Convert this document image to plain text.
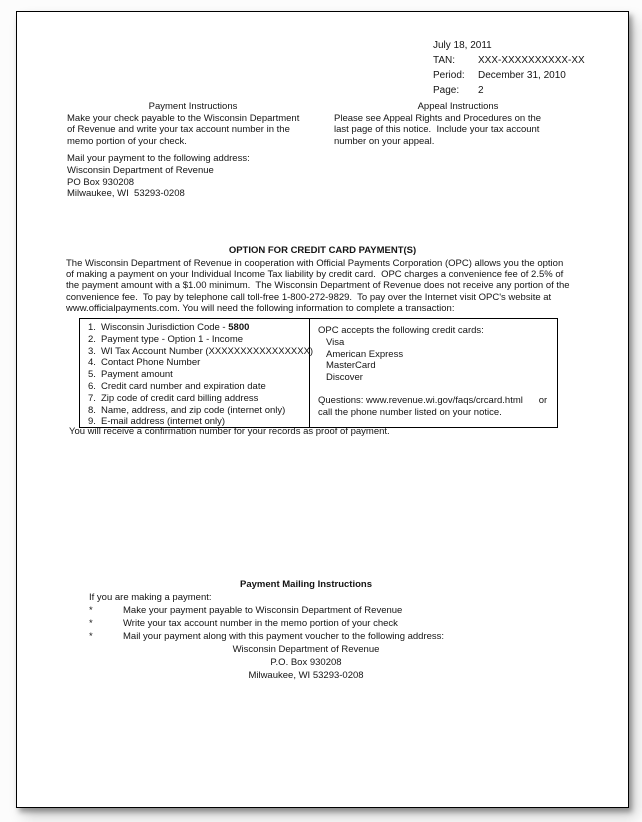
July 18, 2011
TAN: XXX-XXXXXXXXXX-XX
Period: December 31, 2010
Page: 2
Payment Instructions
Make your check payable to the Wisconsin Department
of Revenue and write your tax account number in the
memo portion of your check.
Mail your payment to the following address:
Wisconsin Department of Revenue
PO Box 930208
Milwaukee, WI  53293-0208
Appeal Instructions
Please see Appeal Rights and Procedures on the
last page of this notice.  Include your tax account
number on your appeal.
OPTION FOR CREDIT CARD PAYMENT(S)
The Wisconsin Department of Revenue in cooperation with Official Payments Corporation (OPC) allows you the option
of making a payment on your Individual Income Tax liability by credit card.  OPC charges a convenience fee of 2.5% of
the payment amount with a $1.00 minimum.  The Wisconsin Department of Revenue does not receive any portion of the
convenience fee.  To pay by telephone call toll-free 1-800-272-9829.  To pay over the Internet visit OPC's website at
www.officialpayments.com. You will need the following information to complete a transaction:
1. Wisconsin Jurisdiction Code - 5800
2. Payment type - Option 1 - Income
3. WI Tax Account Number (XXXXXXXXXXXXXXXX)
4. Contact Phone Number
5. Payment amount
6. Credit card number and expiration date
7. Zip code of credit card billing address
8. Name, address, and zip code (internet only)
9. E-mail address (internet only)
OPC accepts the following credit cards:
Visa
American Express
MasterCard
Discover
Questions: www.revenue.wi.gov/faqs/crcard.html      or
call the phone number listed on your notice.
You will receive a confirmation number for your records as proof of payment.
Payment Mailing Instructions
If you are making a payment:
*	Make your payment payable to Wisconsin Department of Revenue
*	Write your tax account number in the memo portion of your check
*	Mail your payment along with this payment voucher to the following address:
Wisconsin Department of Revenue
P.O. Box 930208
Milwaukee, WI 53293-0208
